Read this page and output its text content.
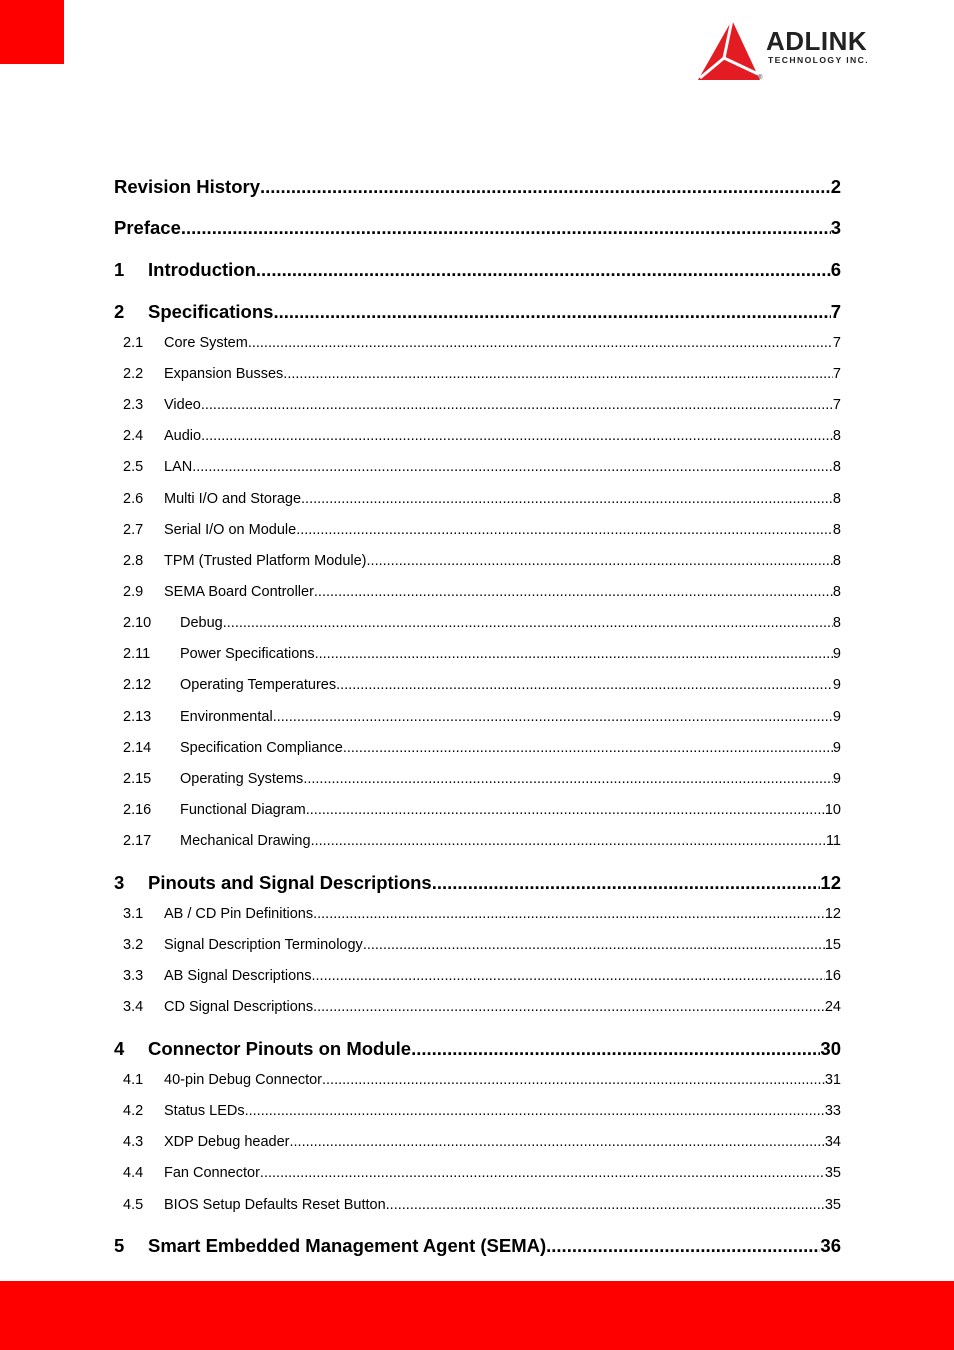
ADLINK
TECHNOLOGY INC.
®
Revision History .....	2
Preface .....	3
1	Introduction .....	6
2	Specifications .....	7
2.1	Core System .....	7
2.2	Expansion Busses .....	7
2.3	Video .....	7
2.4	Audio .....	8
2.5	LAN .....	8
2.6	Multi I/O and Storage .....	8
2.7	Serial I/O on Module .....	8
2.8	TPM (Trusted Platform Module) .....	8
2.9	SEMA Board Controller .....	8
2.10	Debug .....	8
2.11	Power Specifications .....	9
2.12	Operating Temperatures .....	9
2.13	Environmental .....	9
2.14	Specification Compliance .....	9
2.15	Operating Systems .....	9
2.16	Functional Diagram .....	10
2.17	Mechanical Drawing .....	11
3	Pinouts and Signal Descriptions .....	12
3.1	AB / CD Pin Definitions .....	12
3.2	Signal Description Terminology .....	15
3.3	AB Signal Descriptions .....	16
3.4	CD Signal Descriptions .....	24
4	Connector Pinouts on Module .....	30
4.1	40-pin Debug Connector .....	31
4.2	Status LEDs .....	33
4.3	XDP Debug header .....	34
4.4	Fan Connector .....	35
4.5	BIOS Setup Defaults Reset Button .....	35
5	Smart Embedded Management Agent (SEMA) .....	36
